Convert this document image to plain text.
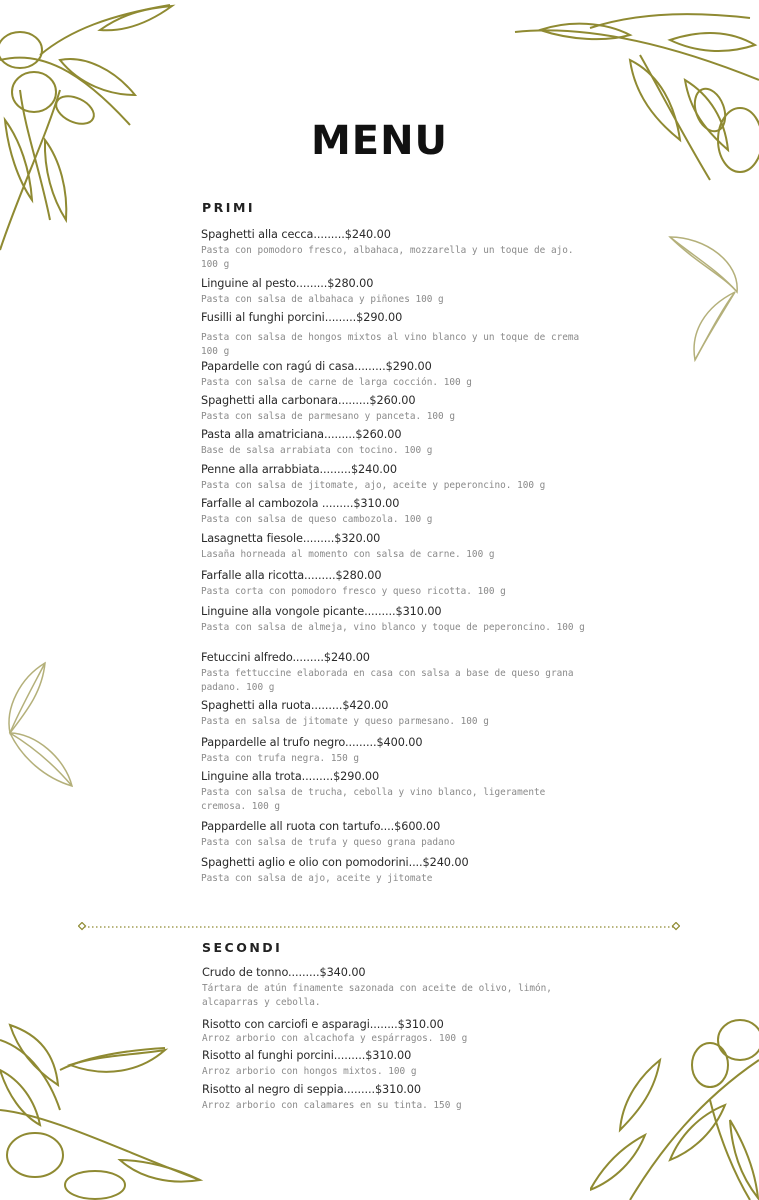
MENU
PRIMI
Spaghetti alla cecca.........$240.00
Pasta con pomodoro fresco, albahaca, mozzarella y un toque de ajo. 100 g
Linguine al pesto.........$280.00
Pasta con salsa de albahaca y piñones 100 g
Fusilli al funghi porcini.........$290.00
Pasta con salsa de hongos mixtos al vino blanco y un toque de crema 100 g
Papardelle con ragú di casa.........$290.00
Pasta con salsa de carne de larga cocción. 100 g
Spaghetti alla carbonara.........$260.00
Pasta con salsa de parmesano y panceta. 100 g
Pasta alla amatriciana.........$260.00
Base de salsa arrabiata con tocino. 100 g
Penne alla arrabbiata.........$240.00
Pasta con salsa de jitomate, ajo, aceite y peperoncino. 100 g
Farfalle al cambozola .........$310.00
Pasta con salsa de queso cambozola. 100 g
Lasagnetta fiesole.........$320.00
Lasaña horneada al momento con salsa de carne. 100 g
Farfalle alla ricotta.........$280.00
Pasta corta con pomodoro fresco y queso ricotta. 100 g
Linguine alla vongole picante.........$310.00
Pasta con salsa de almeja, vino blanco y toque de peperoncino. 100 g
Fetuccini alfredo.........$240.00
Pasta fettuccine elaborada en casa con salsa a base de queso grana padano. 100 g
Spaghetti alla ruota.........$420.00
Pasta en salsa de jitomate y queso parmesano. 100 g
Pappardelle al trufo negro.........$400.00
Pasta con trufa negra. 150 g
Linguine alla trota.........$290.00
Pasta con salsa de trucha, cebolla y vino blanco, ligeramente cremosa. 100 g
Pappardelle all ruota con tartufo....$600.00
Pasta con salsa de trufa y queso grana padano
Spaghetti aglio e olio con pomodorini....$240.00
Pasta con salsa de ajo, aceite y jitomate
SECONDI
Crudo de tonno.........$340.00
Tártara de atún finamente sazonada con aceite de olivo, limón, alcaparras y cebolla.
Risotto con carciofi e asparagi........$310.00
Arroz arborio con alcachofa y espárragos. 100 g
Risotto al funghi porcini.........$310.00
Arroz arborio con hongos mixtos. 100 g
Risotto al negro di seppia.........$310.00
Arroz arborio con calamares en su tinta. 150 g
